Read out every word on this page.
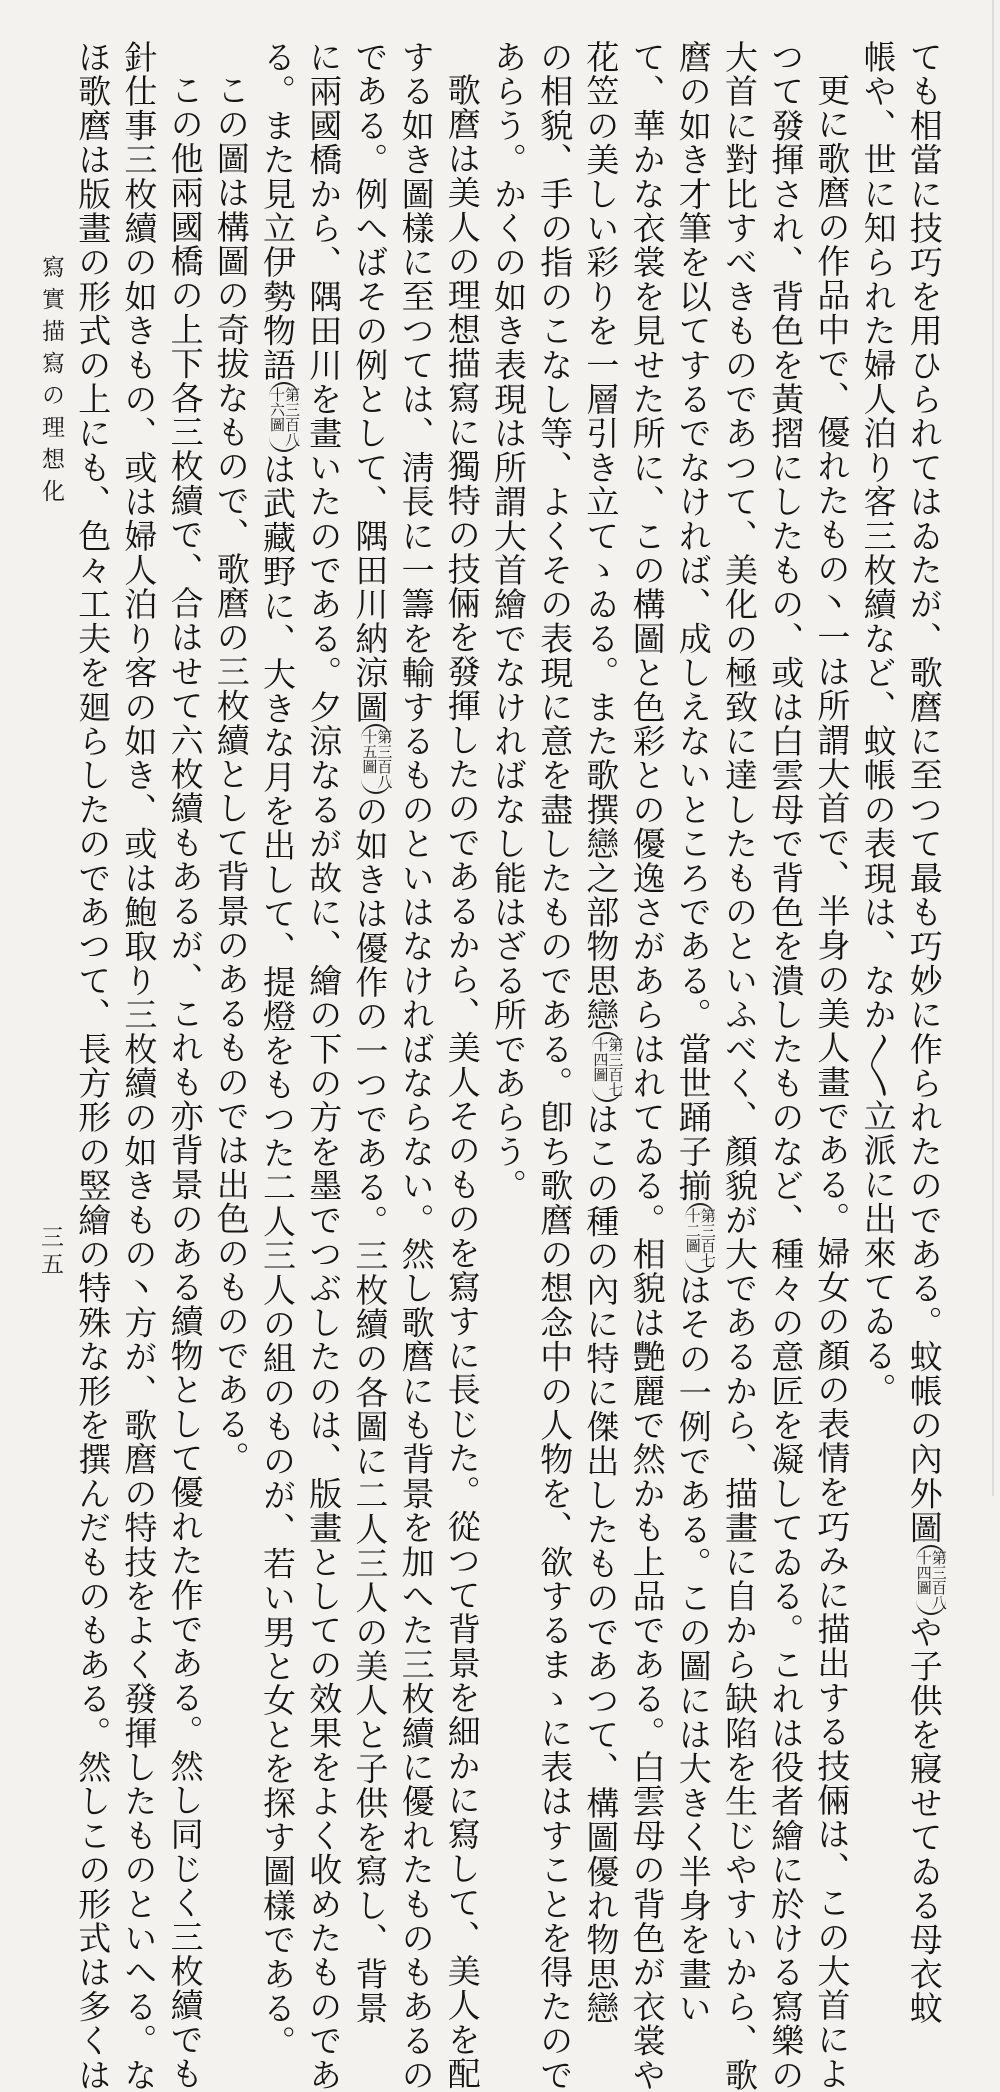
ても相當に技巧を用ひられてはゐたが、歌麿に至つて最も巧妙に作られたのである。蚊帳の內外圖第三百八
十四圖や子供を寢せてゐる母衣蚊
帳や、世に知られた婦人泊り客三枚續など、蚊帳の表現は、なか〳〵立派に出來てゐる。
更に歌麿の作品中で、優れたもの丶一は所謂大首で、半身の美人畫である。婦女の顏の表情を巧みに描出する技倆は、この大首によ
つて發揮され、背色を黃摺にしたもの、或は白雲母で背色を潰したものなど、種々の意匠を凝してゐる。これは役者繪に於ける寫樂の
大首に對比すべきものであつて、美化の極致に達したものといふべく、顏貌が大であるから、描畫に自から缺陷を生じやすいから、歌
麿の如き才筆を以てするでなければ、成しえないところである。當世踊子揃第三百七
十二圖はその一例である。この圖には大きく半身を畫い
て、華かな衣裳を見せた所に、この構圖と色彩との優逸さがあらはれてゐる。相貌は艷麗で然かも上品である。白雲母の背色が衣裳や
花笠の美しい彩りを一層引き立てゝゐる。また歌撰戀之部物思戀第三百七
十四圖はこの種の內に特に傑出したものであつて、構圖優れ物思戀
の相貌、手の指のこなし等、よくその表現に意を盡したものである。卽ち歌麿の想念中の人物を、欲するまゝに表はすことを得たので
あらう。かくの如き表現は所謂大首繪でなければなし能はざる所であらう。
歌麿は美人の理想描寫に獨特の技倆を發揮したのであるから、美人そのものを寫すに長じた。從つて背景を細かに寫して、美人を配
する如き圖樣に至つては、淸長に一籌を輸するものといはなければならない。然し歌麿にも背景を加へた三枚續に優れたものもあるの
である。例へばその例として、隅田川納涼圖第三百八
十五圖の如きは優作の一つである。三枚續の各圖に二人三人の美人と子供を寫し、背景
に兩國橋から、隅田川を畫いたのである。夕涼なるが故に、繪の下の方を墨でつぶしたのは、版畫としての效果をよく收めたものであ
る。また見立伊勢物語第三百八
十六圖は武藏野に、大きな月を出して、提燈をもつた二人三人の組のものが、若い男と女とを探す圖樣である。
この圖は構圖の奇拔なもので、歌麿の三枚續として背景のあるものでは出色のものである。
この他兩國橋の上下各三枚續で、合はせて六枚續もあるが、これも亦背景のある續物として優れた作である。然し同じく三枚續でも
針仕事三枚續の如きもの、或は婦人泊り客の如き、或は鮑取り三枚續の如きもの丶方が、歌麿の特技をよく發揮したものといへる。な
ほ歌麿は版畫の形式の上にも、色々工夫を廻らしたのであつて、長方形の竪繪の特殊な形を撰んだものもある。然しこの形式は多くは
寫實描寫の理想化
三五
